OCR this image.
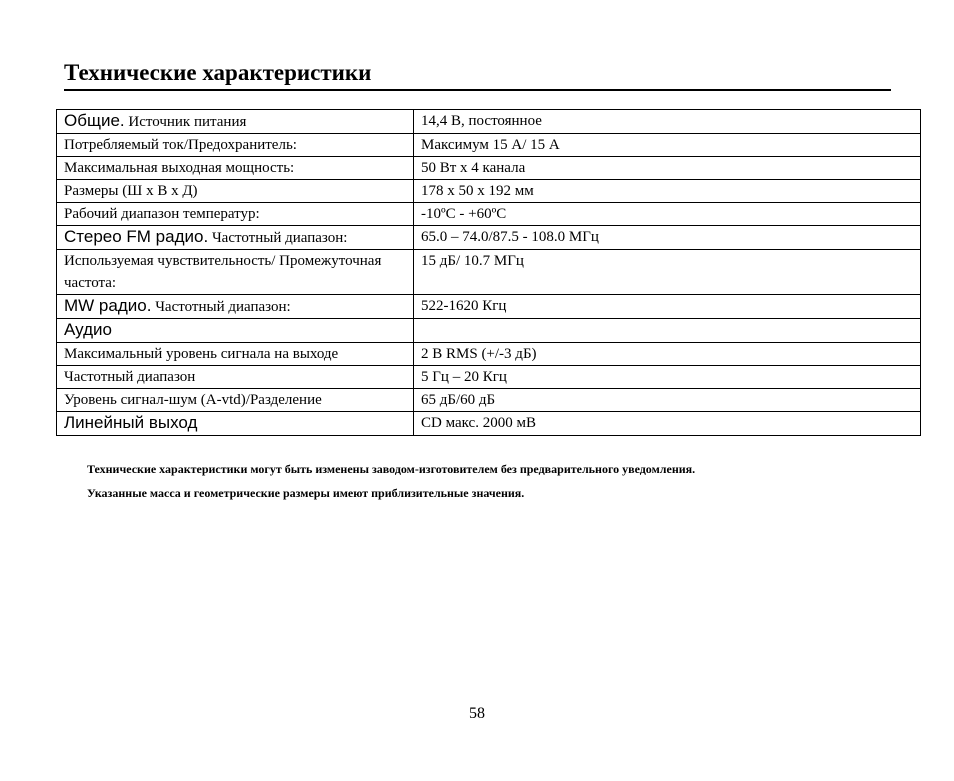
Технические характеристики
Общие. Источник питания	14,4 В, постоянное
Потребляемый ток/Предохранитель:	Максимум 15 А/ 15 А
Максимальная выходная мощность:	50 Вт x 4 канала
Размеры (Ш x В x Д)	178 x 50 x 192 мм
Рабочий диапазон температур:	-10ºC - +60ºC
Стерео FM радио. Частотный диапазон:	65.0 – 74.0/87.5 - 108.0 МГц
Используемая чувствительность/ Промежуточная частота:	15 дБ/ 10.7 МГц
MW радио. Частотный диапазон:	522-1620 Кгц
Аудио	
Максимальный уровень сигнала на выходе	2 В RMS (+/-3 дБ)
Частотный диапазон	5 Гц – 20 Кгц
Уровень сигнал-шум (A-vtd)/Разделение	65 дБ/60 дБ
Линейный выход	CD макс. 2000 мВ

Технические характеристики могут быть изменены заводом-изготовителем без предварительного уведомления.

Указанные масса и геометрические размеры имеют приблизительные значения.

58
